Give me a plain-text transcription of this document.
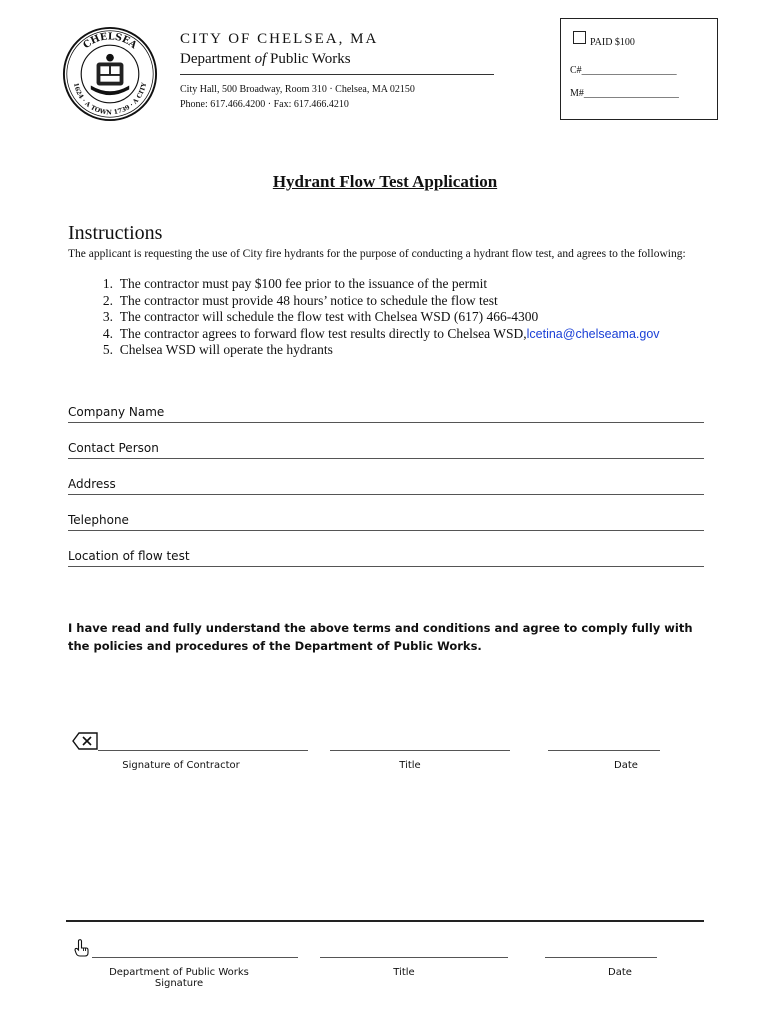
CHELSEA
1624 · A TOWN 1739 · A CITY
CITY OF CHELSEA, MA
Department of Public Works
City Hall, 500 Broadway, Room 310 · Chelsea, MA 02150
Phone: 617.466.4200 · Fax: 617.466.4210
PAID $100
C#___________________
M#___________________
Hydrant Flow Test Application
Instructions
The applicant is requesting the use of City fire hydrants for the purpose of conducting a hydrant flow test, and agrees to the following:
1. The contractor must pay $100 fee prior to the issuance of the permit
2. The contractor must provide 48 hours’ notice to schedule the flow test
3. The contractor will schedule the flow test with Chelsea WSD (617) 466-4300
4. The contractor agrees to forward flow test results directly to Chelsea WSD,lcetina@chelseama.gov
5. Chelsea WSD will operate the hydrants
Company Name
Contact Person
Address
Telephone
Location of flow test
I have read and fully understand the above terms and conditions and agree to comply fully with the policies and procedures of the Department of Public Works.
Signature of Contractor	Title	Date
Department of Public Works Signature
Title	Date
